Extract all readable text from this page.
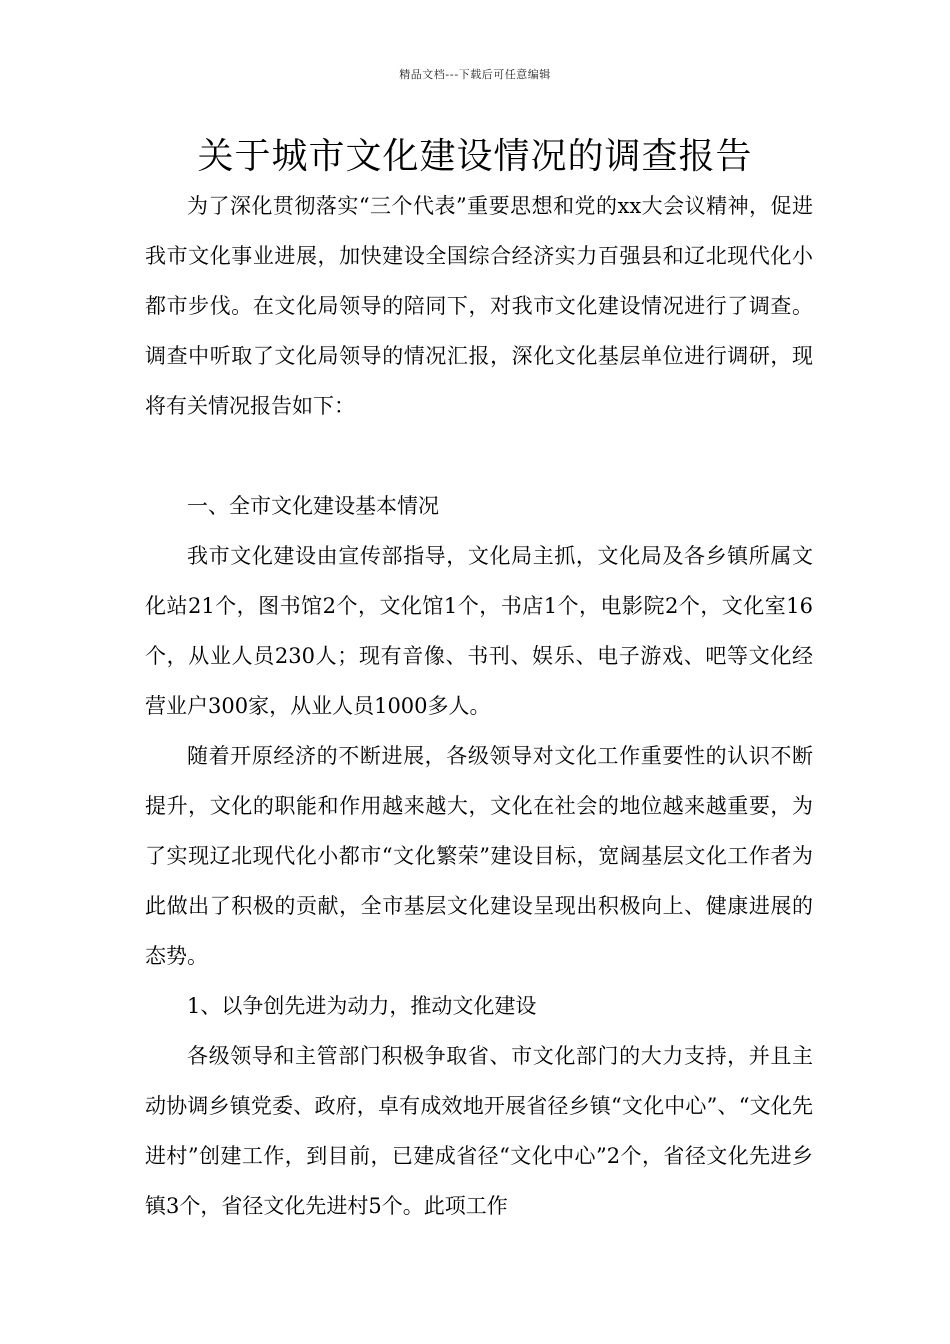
精品文档---下载后可任意编辑
关于城市文化建设情况的调查报告

为了深化贯彻落实“三个代表”重要思想和党的xx大会议精神，促进我市文化事业进展，加快建设全国综合经济实力百强县和辽北现代化小都市步伐。在文化局领导的陪同下，对我市文化建设情况进行了调查。调查中听取了文化局领导的情况汇报，深化文化基层单位进行调研，现将有关情况报告如下：

一、全市文化建设基本情况

我市文化建设由宣传部指导，文化局主抓，文化局及各乡镇所属文化站21个，图书馆2个，文化馆1个，书店1个，电影院2个，文化室16个，从业人员230人；现有音像、书刊、娱乐、电子游戏、吧等文化经营业户300家，从业人员1000多人。

随着开原经济的不断进展，各级领导对文化工作重要性的认识不断提升，文化的职能和作用越来越大，文化在社会的地位越来越重要，为了实现辽北现代化小都市“文化繁荣”建设目标，宽阔基层文化工作者为此做出了积极的贡献，全市基层文化建设呈现出积极向上、健康进展的态势。

1、以争创先进为动力，推动文化建设

各级领导和主管部门积极争取省、市文化部门的大力支持，并且主动协调乡镇党委、政府，卓有成效地开展省径乡镇“文化中心”、“文化先进村”创建工作，到目前，已建成省径“文化中心”2个，省径文化先进乡镇3个，省径文化先进村5个。此项工作
